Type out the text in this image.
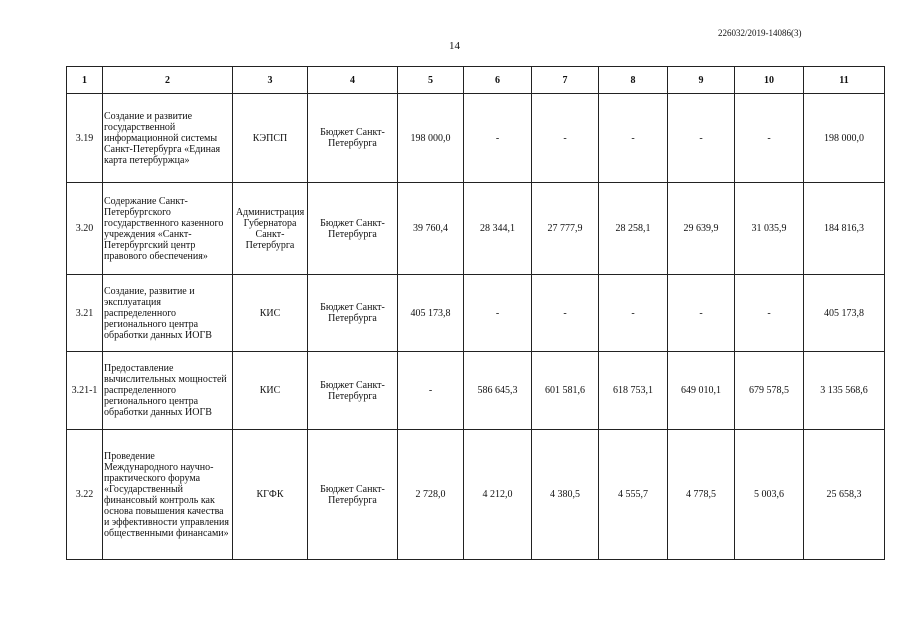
226032/2019-14086(3)
14
1	2	3	4	5	6	7	8	9	10	11
3.19	Создание и развитие государственной информационной системы Санкт-Петербурга «Единая карта петербуржца»	КЭПСП	Бюджет Санкт-Петербурга	198 000,0	-	-	-	-	-	198 000,0
3.20	Содержание Санкт-Петербургского государственного казенного учреждения «Санкт-Петербургский центр правового обеспечения»	Администрация Губернатора Санкт-Петербурга	Бюджет Санкт-Петербурга	39 760,4	28 344,1	27 777,9	28 258,1	29 639,9	31 035,9	184 816,3
3.21	Создание, развитие и эксплуатация распределенного регионального центра обработки данных ИОГВ	КИС	Бюджет Санкт-Петербурга	405 173,8	-	-	-	-	-	405 173,8
3.21-1	Предоставление вычислительных мощностей распределенного регионального центра обработки данных ИОГВ	КИС	Бюджет Санкт-Петербурга	-	586 645,3	601 581,6	618 753,1	649 010,1	679 578,5	3 135 568,6
3.22	Проведение Международного научно-практического форума «Государственный финансовый контроль как основа повышения качества и эффективности управления общественными финансами»	КГФК	Бюджет Санкт-Петербурга	2 728,0	4 212,0	4 380,5	4 555,7	4 778,5	5 003,6	25 658,3
